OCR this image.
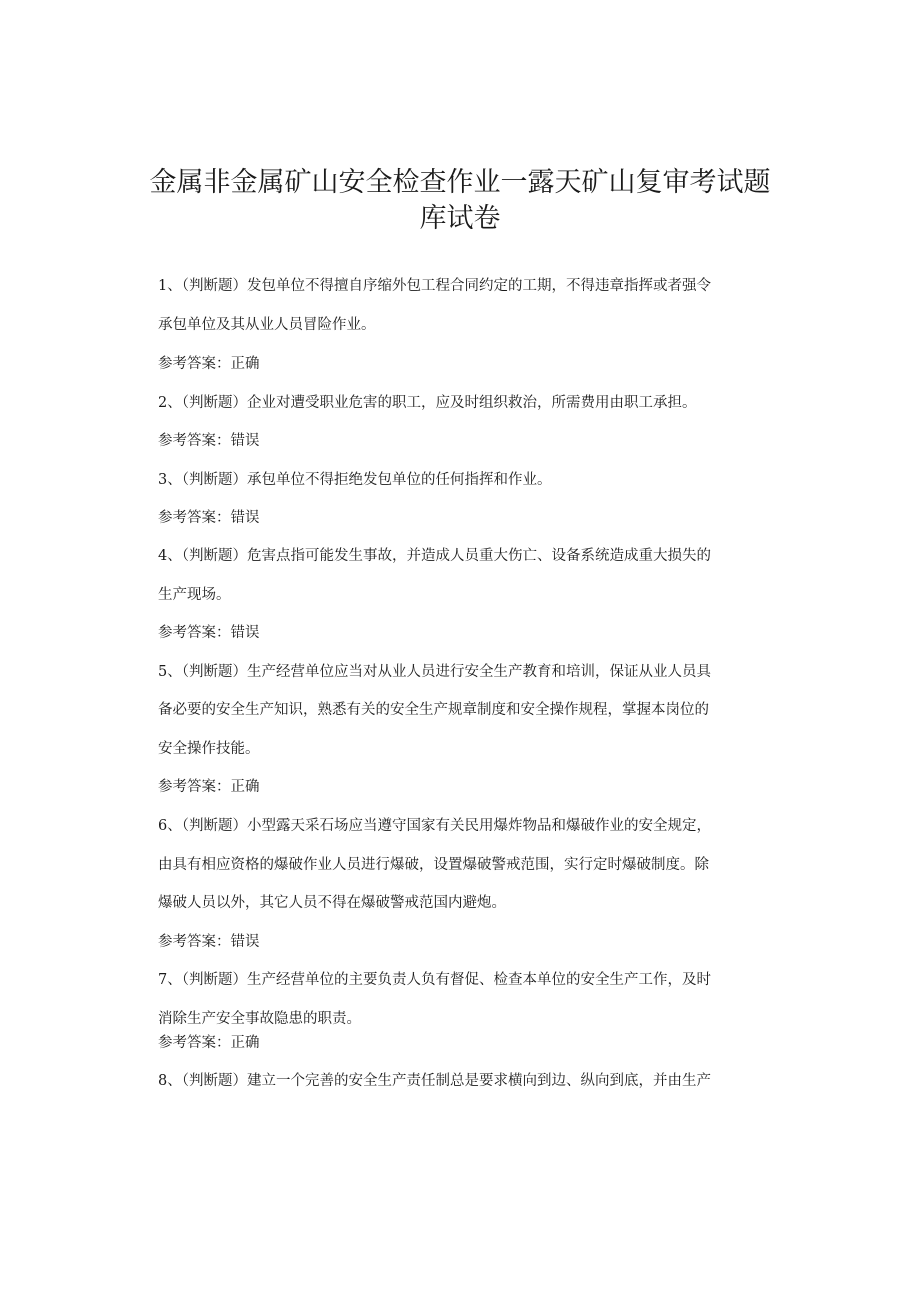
金属非金属矿山安全检查作业一露天矿山复审考试题
库试卷

1、（判断题）发包单位不得擅自序缩外包工程合同约定的工期，不得违章指挥或者强令

承包单位及其从业人员冒险作业。

参考答案：正确

2、（判断题）企业对遭受职业危害的职工，应及时组织救治，所需费用由职工承担。

参考答案：错误

3、（判断题）承包单位不得拒绝发包单位的任何指挥和作业。

参考答案：错误

4、（判断题）危害点指可能发生事故，并造成人员重大伤亡、设备系统造成重大损失的

生产现场。

参考答案：错误

5、（判断题）生产经营单位应当对从业人员进行安全生产教育和培训，保证从业人员具

备必要的安全生产知识，熟悉有关的安全生产规章制度和安全操作规程，掌握本岗位的

安全操作技能。

参考答案：正确

6、（判断题）小型露天采石场应当遵守国家有关民用爆炸物品和爆破作业的安全规定，

由具有相应资格的爆破作业人员进行爆破，设置爆破警戒范围，实行定时爆破制度。除

爆破人员以外，其它人员不得在爆破警戒范国内避炮。

参考答案：错误

7、（判断题）生产经营单位的主要负责人负有督促、检查本单位的安全生产工作，及时

消除生产安全事故隐患的职责。

参考答案：正确

8、（判断题）建立一个完善的安全生产责任制总是要求横向到边、纵向到底，并由生产
